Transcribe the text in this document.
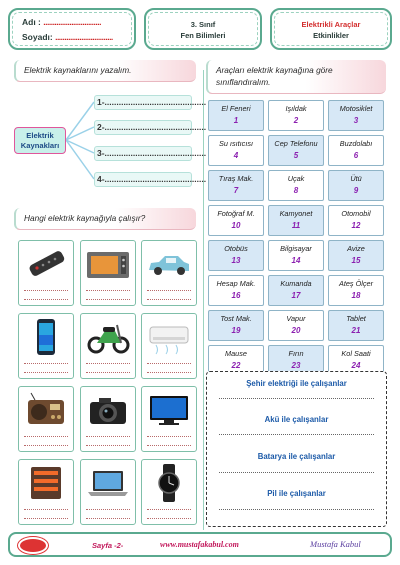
Adı : ...............................
Soyadı: ...............................
3. Sınıf
Fen Bilimleri
Elektrikli Araçlar
Etkinlikler
Elektrik kaynaklarını yazalım.
Elektrik
Kaynakları
1-...........................................
2-...........................................
3-...........................................
4-...........................................
Hangi elektrik kaynağıyla çalışır?
Araçları elektrik kaynağına göre
sınıflandıralım.
El Feneri
1
Işıldak
2
Motosiklet
3
Su ısıtıcısı
4
Cep Telefonu
5
Buzdolabı
6
Tıraş Mak.
7
Uçak
8
Ütü
9
Fotoğraf M.
10
Kamyonet
11
Otomobil
12
Otobüs
13
Bilgisayar
14
Avize
15
Hesap Mak.
16
Kumanda
17
Ateş Ölçer
18
Tost Mak.
19
Vapur
20
Tablet
21
Mause
22
Fırın
23
Kol Saati
24
Şehir elektriği ile çalışanlar
Akü ile çalışanlar
Batarya ile çalışanlar
Pil ile çalışanlar
Sayfa -2-	www.mustafakabul.com	Mustafa Kabul
